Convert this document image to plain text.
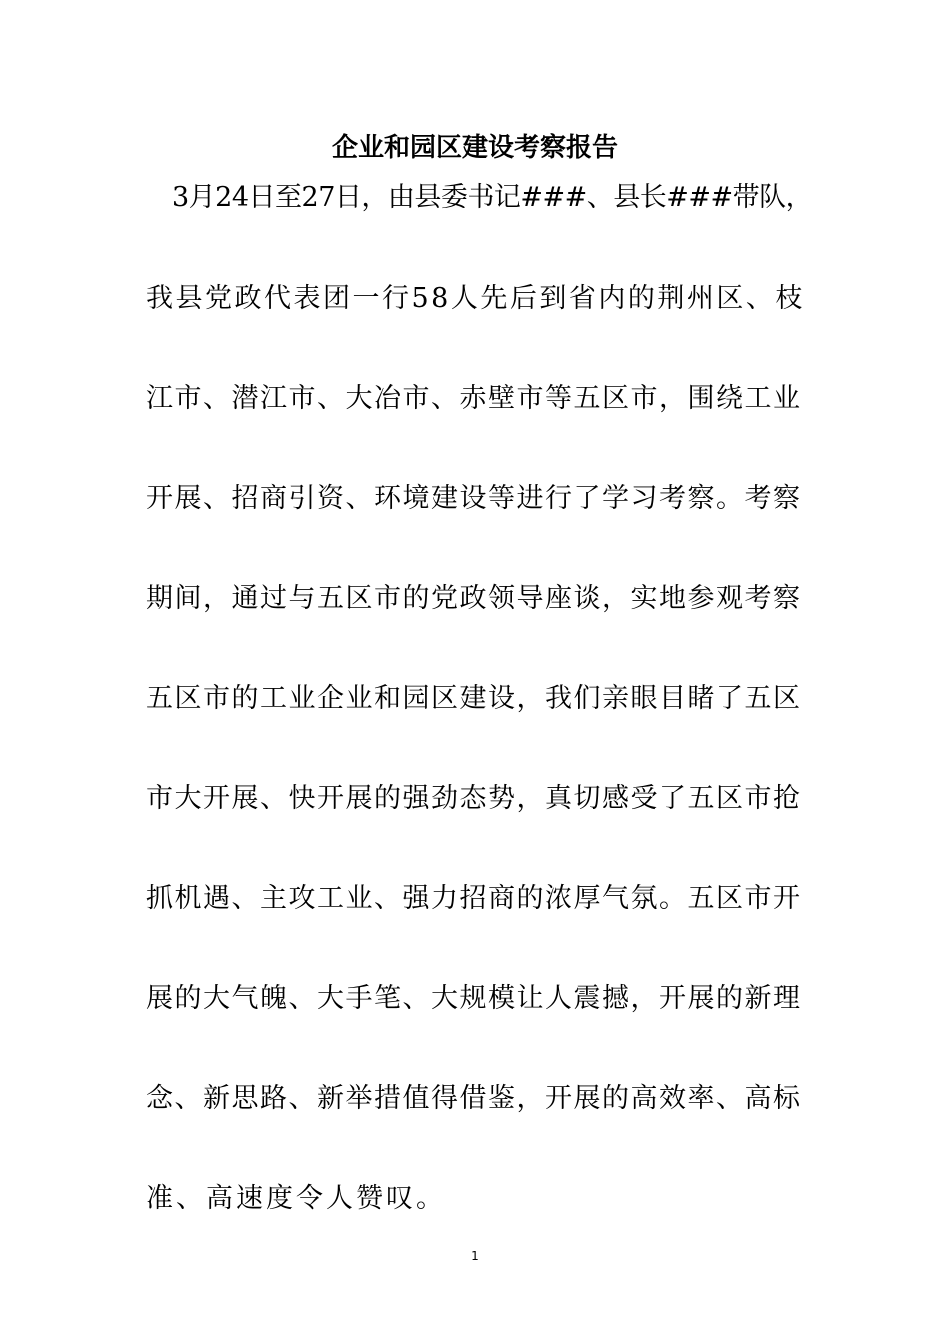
企业和园区建设考察报告

3月24日至27日，由县委书记###、县长###带队，

我县党政代表团一行58人先后到省内的荆州区、枝

江市、潜江市、大冶市、赤壁市等五区市，围绕工业

开展、招商引资、环境建设等进行了学习考察。考察

期间，通过与五区市的党政领导座谈，实地参观考察

五区市的工业企业和园区建设，我们亲眼目睹了五区

市大开展、快开展的强劲态势，真切感受了五区市抢

抓机遇、主攻工业、强力招商的浓厚气氛。五区市开

展的大气魄、大手笔、大规模让人震撼，开展的新理

念、新思路、新举措值得借鉴，开展的高效率、高标

准、高速度令人赞叹。

1
